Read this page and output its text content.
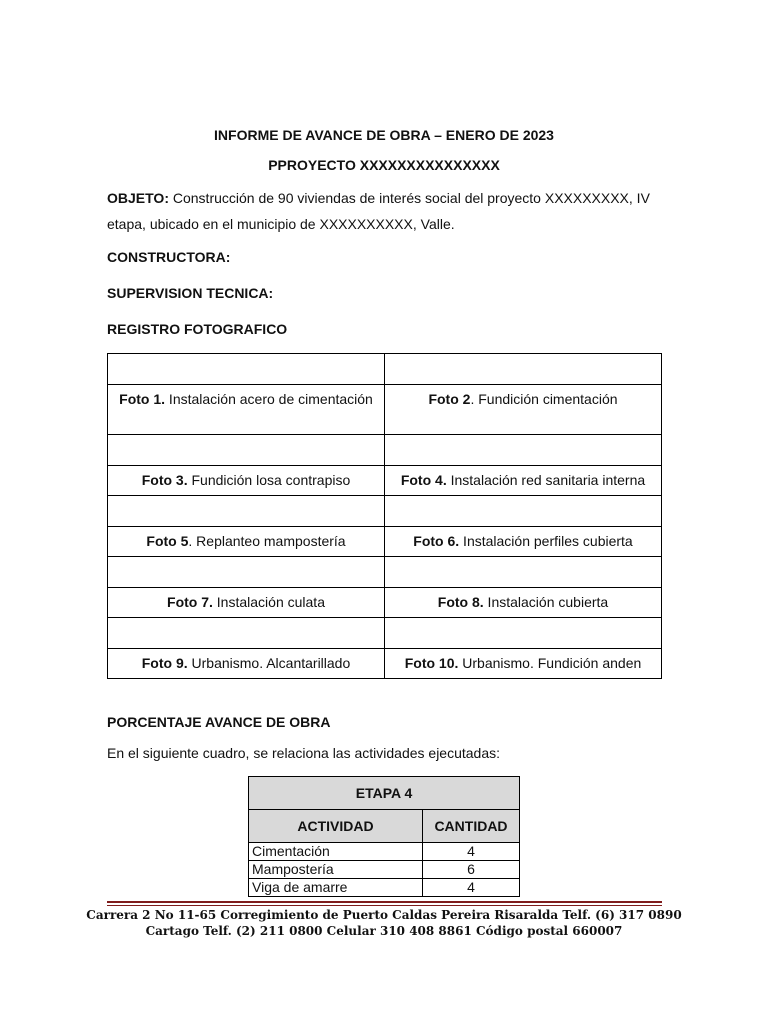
INFORME DE AVANCE DE OBRA – ENERO DE 2023
PPROYECTO XXXXXXXXXXXXXXX
OBJETO: Construcción de 90 viviendas de interés social del proyecto XXXXXXXXX, IV etapa, ubicado en el municipio de XXXXXXXXXX, Valle.
CONSTRUCTORA:
SUPERVISION TECNICA:
REGISTRO FOTOGRAFICO

Foto 1. Instalación acero de cimentación	Foto 2. Fundición cimentación

Foto 3. Fundición losa contrapiso	Foto 4. Instalación red sanitaria interna

Foto 5. Replanteo mampostería	Foto 6. Instalación perfiles cubierta

Foto 7. Instalación culata	Foto 8. Instalación cubierta

Foto 9. Urbanismo. Alcantarillado	Foto 10. Urbanismo. Fundición anden
PORCENTAJE AVANCE DE OBRA
En el siguiente cuadro, se relaciona las actividades ejecutadas:
ETAPA 4	
ACTIVIDAD	CANTIDAD
Cimentación	4
Mampostería	6
Viga de amarre	4
Carrera 2 No 11-65 Corregimiento de Puerto Caldas Pereira Risaralda Telf. (6) 317 0890
Cartago Telf. (2) 211 0800 Celular 310 408 8861 Código postal 660007
